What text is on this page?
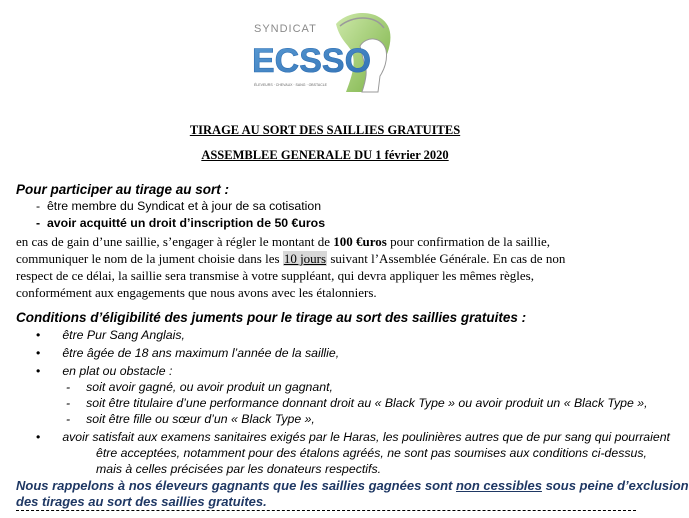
SYNDICAT
ECSSO
ÉLEVEURS · CHEVAUX · SANG · OBSTACLE
TIRAGE AU SORT DES SAILLIES GRATUITES
ASSEMBLEE GENERALE DU 1 février 2020
Pour participer au tirage au sort :
-  être membre du Syndicat et à jour de sa cotisation
-  avoir acquitté un droit d’inscription de 50 €uros
en cas de gain d’une saillie, s’engager à régler le montant de 100 €uros pour confirmation de la saillie,
communiquer le nom de la jument choisie dans les 10 jours suivant l’Assemblée Générale. En cas de non
respect de ce délai, la saillie sera transmise à votre suppléant, qui devra appliquer les mêmes règles,
conformément aux engagements que nous avons avec les étalonniers.
Conditions d’éligibilité des juments pour le tirage au sort des saillies gratuites :
• être Pur Sang Anglais,
• être âgée de 18 ans maximum l’année de la saillie,
• en plat ou obstacle :
- soit avoir gagné, ou avoir produit un gagnant,
- soit être titulaire d’une performance donnant droit au « Black Type » ou avoir produit un « Black Type »,
- soit être fille ou sœur d’un « Black Type »,
• avoir satisfait aux examens sanitaires exigés par le Haras, les poulinières autres que de pur sang qui pourraient
être acceptées, notamment pour des étalons agréés, ne sont pas soumises aux conditions ci-dessus,
mais à celles précisées par les donateurs respectifs.
Nous rappelons à nos éleveurs gagnants que les saillies gagnées sont non cessibles sous peine d’exclusion
des tirages au sort des saillies gratuites.
